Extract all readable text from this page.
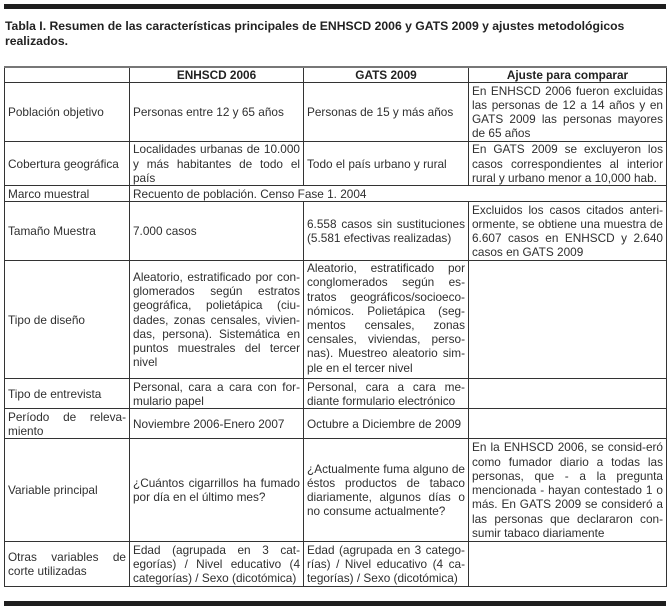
Tabla I. Resumen de las características principales de ENHSCD 2006 y GATS 2009 y ajustes metodológicos realizados.
	ENHSCD 2006	GATS 2009	Ajuste para comparar
Población objetivo	Personas entre 12 y 65 años	Personas de 15 y más años	En ENHSCD 2006 fueron excluidas las personas de 12 a 14 años y en GATS 2009 las personas mayores de 65 años
Cobertura geográfica	Localidades urbanas de 10.000 y más habitantes de todo el país	Todo el país urbano y rural	En GATS 2009 se excluyeron los casos correspondientes al interior rural y urbano menor a 10,000 hab.
Marco muestral	Recuento de población. Censo Fase 1. 2004		
Tamaño Muestra	7.000 casos	6.558 casos sin sustituciones (5.581 efectivas realizadas)	Excluidos los casos citados anteri-ormente, se obtiene una muestra de 6.607 casos en ENHSCD y 2.640 casos en GATS 2009
Tipo de diseño	Aleatorio, estratificado por con-glomerados según estratos geográfica, polietápica (ciu-dades, zonas censales, vivien-das, persona). Sistemática en puntos muestrales del tercer nivel	Aleatorio, estratificado por conglomerados según es-tratos geográficos/socioeco-nómicos. Polietápica (seg-mentos censales, zonas censales, viviendas, perso-nas). Muestreo aleatorio sim-ple en el tercer nivel	
Tipo de entrevista	Personal, cara a cara con for-mulario papel	Personal, cara a cara me-diante formulario electrónico	
Período de releva-miento	Noviembre 2006-Enero 2007	Octubre a Diciembre de 2009	
Variable principal	¿Cuántos cigarrillos ha fumado por día en el último mes?	¿Actualmente fuma alguno de éstos productos de tabaco diariamente, algunos días o no consume actualmente?	En la ENHSCD 2006, se consid-eró como fumador diario a todas las personas, que - a la pregunta mencionada - hayan contestado 1 o más. En GATS 2009 se consideró a las personas que declararon con-sumir tabaco diariamente
Otras variables de corte utilizadas	Edad (agrupada en 3 cat-egorías) / Nivel educativo (4 categorías) / Sexo (dicotómica)	Edad (agrupada en 3 catego-rías) / Nivel educativo (4 ca-tegorías) / Sexo (dicotómica)	
